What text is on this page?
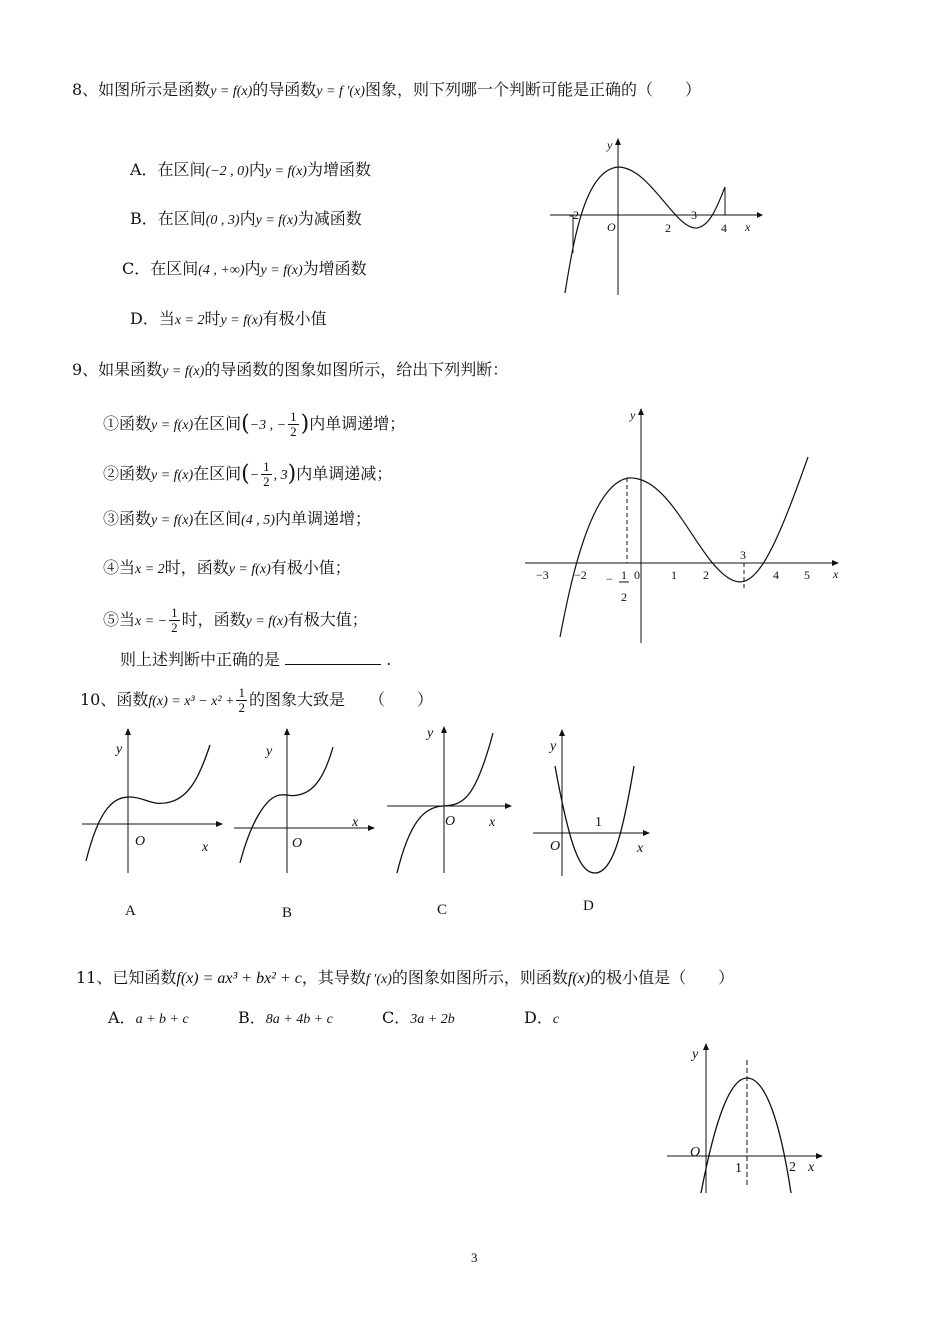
8、如图所示是函数y = f(x)的导函数y = f ′(x)图象，则下列哪一个判断可能是正确的（　　）
A．在区间(−2 , 0)内y = f(x)为增函数
B．在区间(0 , 3)内y = f(x)为减函数
C．在区间(4 , +∞)内y = f(x)为增函数
D．当x = 2时y = f(x)有极小值
y
O	x
-2
2
3
4
9、如果函数y = f(x)的导函数的图象如图所示，给出下列判断：
①函数y = f(x)在区间(−3 , − $\frac{1}{2}$ )内单调递增；
②函数y = f(x)在区间(− $\frac{1}{2}$ , 3)内单调递减；
③函数y = f(x)在区间(4 , 5)内单调递增；
④当x = 2时，函数y = f(x)有极小值；
⑤当x = − $\frac{1}{2}$ 时，函数y = f(x)有极大值；
则上述判断中正确的是	.
y
x
−3 −2	0	1 2
3
4 5
− 1
2
10、函数$f(x) = x^3 - x^2 + \frac{1}{2}$ 的图象大致是　　（　　）
y
O	x
A
y
O
x
B
y
O x
C
y
O	x
1
D
11、已知函数f(x) = ax³ + bx² + c，其导数f ′(x)的图象如图所示，则函数f(x)的极小值是（　　）
A．a + b + c	B．8a + 4b + c	C．3a + 2b	D．c
y
O
x
1	2
3
